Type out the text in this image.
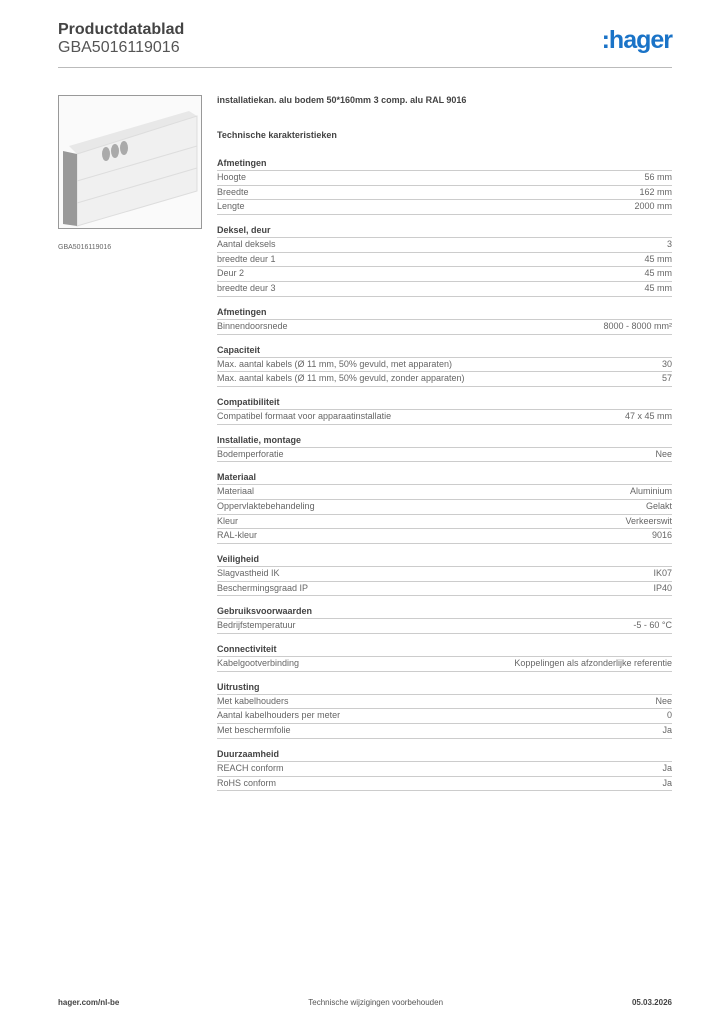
Productdatablad
GBA5016119016	:hager
GBA5016119016
installatiekan. alu bodem 50*160mm 3 comp. alu RAL 9016
Technische karakteristieken
Afmetingen
Hoogte	56 mm
Breedte	162 mm
Lengte	2000 mm
Deksel, deur
Aantal deksels	3
breedte deur 1	45 mm
Deur 2	45 mm
breedte deur 3	45 mm
Afmetingen
Binnendoorsnede	8000 - 8000 mm²
Capaciteit
Max. aantal kabels (Ø 11 mm, 50% gevuld, met apparaten)	30
Max. aantal kabels (Ø 11 mm, 50% gevuld, zonder apparaten)	57
Compatibiliteit
Compatibel formaat voor apparaatinstallatie	47 x 45 mm
Installatie, montage
Bodemperforatie	Nee
Materiaal
Materiaal	Aluminium
Oppervlaktebehandeling	Gelakt
Kleur	Verkeerswit
RAL-kleur	9016
Veiligheid
Slagvastheid IK	IK07
Beschermingsgraad IP	IP40
Gebruiksvoorwaarden
Bedrijfstemperatuur	-5 - 60 °C
Connectiviteit
Kabelgootverbinding	Koppelingen als afzonderlijke referentie
Uitrusting
Met kabelhouders	Nee
Aantal kabelhouders per meter	0
Met beschermfolie	Ja
Duurzaamheid
REACH conform	Ja
RoHS conform	Ja
hager.com/nl-be	Technische wijzigingen voorbehouden	05.03.2026
